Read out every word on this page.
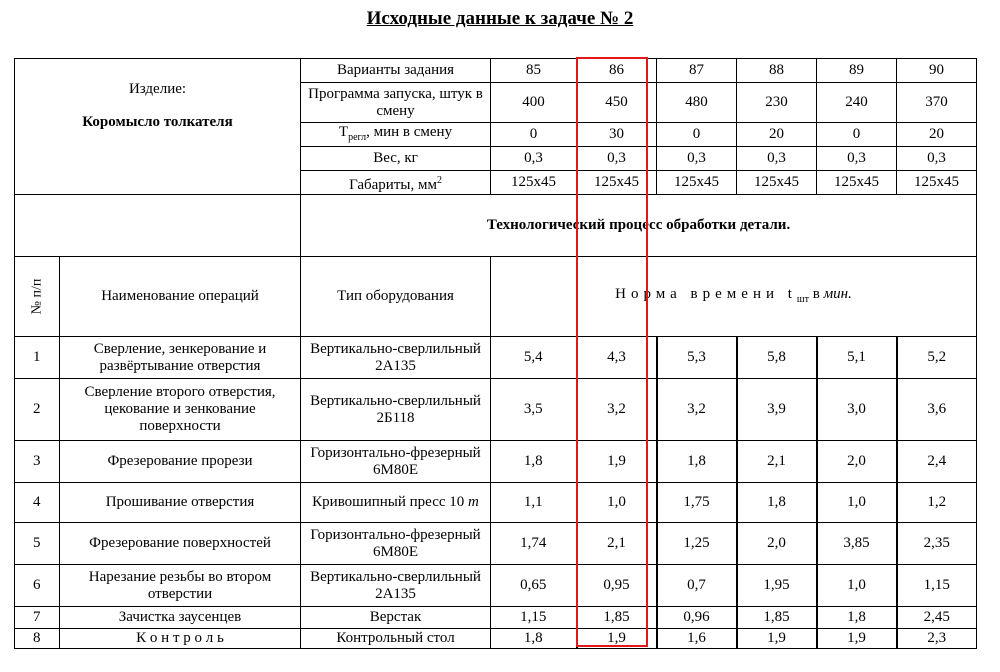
Исходные данные к задаче № 2
Изделие:
Коромысло толкателя		Варианты задания	85	86	87	88	89	90
		Программа запуска, штук в смену	400	450	480	230	240	370
		$T_{регл}$, мин в смену	0	30	0	20	0	20
		Вес, кг	0,3	0,3	0,3	0,3	0,3	0,3
		Габариты, $мм^2$	125x45	125x45	125x45	125x45	125x45	125x45
		Технологический процесс обработки детали.						
№ п/п	Наименование операций	Тип оборудования	Норма времени $t_{шт}$ в мин.					
1	Сверление, зенкерование и развёртывание отверстия	Вертикально-сверлильный 2А135	5,4	4,3	5,3	5,8	5,1	5,2
2	Сверление второго отверстия, цекование и зенкование поверхности	Вертикально-сверлильный 2Б118	3,5	3,2	3,2	3,9	3,0	3,6
3	Фрезерование прорези	Горизонтально-фрезерный 6М80Е	1,8	1,9	1,8	2,1	2,0	2,4
4	Прошивание отверстия	Кривошипный пресс 10 т	1,1	1,0	1,75	1,8	1,0	1,2
5	Фрезерование поверхностей	Горизонтально-фрезерный 6М80Е	1,74	2,1	1,25	2,0	3,85	2,35
6	Нарезание резьбы во втором отверстии	Вертикально-сверлильный 2А135	0,65	0,95	0,7	1,95	1,0	1,15
7	Зачистка заусенцев	Верстак	1,15	1,85	0,96	1,85	1,8	2,45
8	К о н т р о л ь	Контрольный стол	1,8	1,9	1,6	1,9	1,9	2,3
